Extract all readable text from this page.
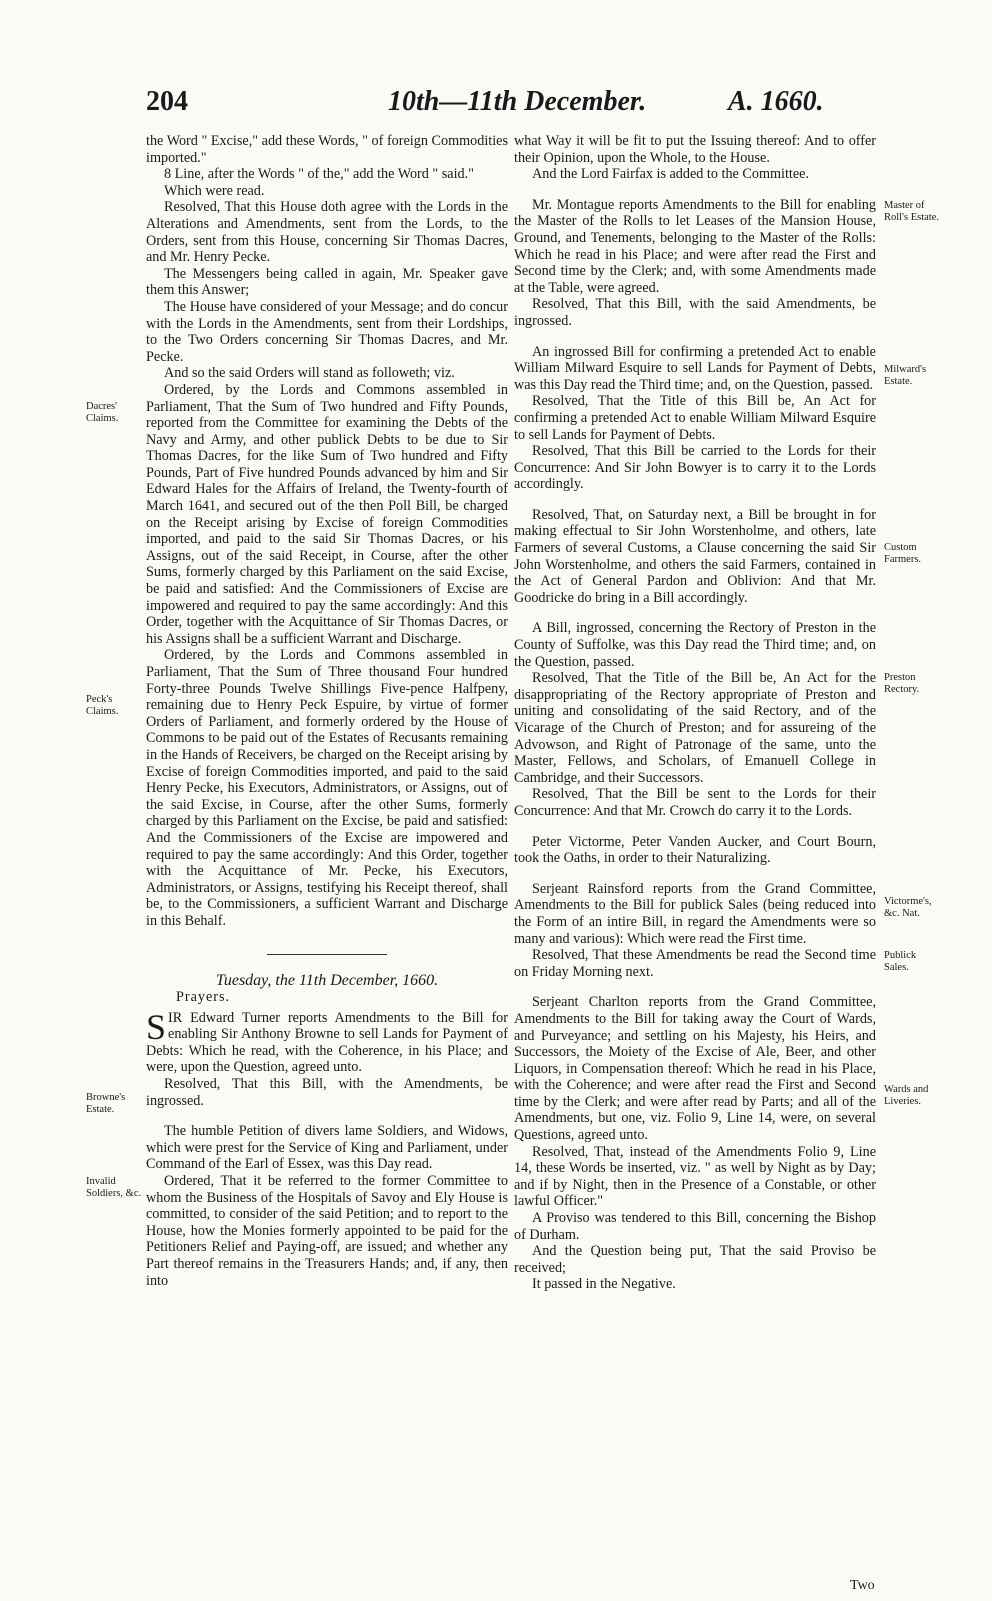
204	10th—11th December.	A. 1660.
Dacres' Claims.
Peck's Claims.
Browne's Estate.
Invalid Soldiers, &c.
Master of Roll's Estate.
Milward's Estate.
Custom Farmers.
Preston Rectory.
Victorme's, &c. Nat.
Publick Sales.
Wards and Liveries.

the Word " Excise," add these Words, " of foreign Commodities imported."

8 Line, after the Words " of the," add the Word " said."

Which were read.

Resolved, That this House doth agree with the Lords in the Alterations and Amendments, sent from the Lords, to the Orders, sent from this House, concerning Sir Thomas Dacres, and Mr. Henry Pecke.

The Messengers being called in again, Mr. Speaker gave them this Answer;

The House have considered of your Message; and do concur with the Lords in the Amendments, sent from their Lordships, to the Two Orders concerning Sir Thomas Dacres, and Mr. Pecke.

And so the said Orders will stand as followeth; viz.

Ordered, by the Lords and Commons assembled in Parliament, That the Sum of Two hundred and Fifty Pounds, reported from the Committee for examining the Debts of the Navy and Army, and other publick Debts to be due to Sir Thomas Dacres, for the like Sum of Two hundred and Fifty Pounds, Part of Five hundred Pounds advanced by him and Sir Edward Hales for the Affairs of Ireland, the Twenty-fourth of March 1641, and secured out of the then Poll Bill, be charged on the Receipt arising by Excise of foreign Commodities imported, and paid to the said Sir Thomas Dacres, or his Assigns, out of the said Receipt, in Course, after the other Sums, formerly charged by this Parliament on the said Excise, be paid and satisfied: And the Commissioners of Excise are impowered and required to pay the same accordingly: And this Order, together with the Acquittance of Sir Thomas Dacres, or his Assigns shall be a sufficient Warrant and Discharge.

Ordered, by the Lords and Commons assembled in Parliament, That the Sum of Three thousand Four hundred Forty-three Pounds Twelve Shillings Five-pence Halfpeny, remaining due to Henry Peck Espuire, by virtue of former Orders of Parliament, and formerly ordered by the House of Commons to be paid out of the Estates of Recusants remaining in the Hands of Receivers, be charged on the Receipt arising by Excise of foreign Commodities imported, and paid to the said Henry Pecke, his Executors, Administrators, or Assigns, out of the said Excise, in Course, after the other Sums, formerly charged by this Parliament on the Excise, be paid and satisfied: And the Commissioners of the Excise are impowered and required to pay the same accordingly: And this Order, together with the Acquittance of Mr. Pecke, his Executors, Administrators, or Assigns, testifying his Receipt thereof, shall be, to the Commissioners, a sufficient Warrant and Discharge in this Behalf.

Tuesday, the 11th December, 1660.

Prayers.

SIR Edward Turner reports Amendments to the Bill for enabling Sir Anthony Browne to sell Lands for Payment of Debts: Which he read, with the Coherence, in his Place; and were, upon the Question, agreed unto.

Resolved, That this Bill, with the Amendments, be ingrossed.

The humble Petition of divers lame Soldiers, and Widows, which were prest for the Service of King and Parliament, under Command of the Earl of Essex, was this Day read.

Ordered, That it be referred to the former Committee to whom the Business of the Hospitals of Savoy and Ely House is committed, to consider of the said Petition; and to report to the House, how the Monies formerly appointed to be paid for the Petitioners Relief and Paying-off, are issued; and whether any Part thereof remains in the Treasurers Hands; and, if any, then into

what Way it will be fit to put the Issuing thereof: And to offer their Opinion, upon the Whole, to the House.

And the Lord Fairfax is added to the Committee.

Mr. Montague reports Amendments to the Bill for enabling the Master of the Rolls to let Leases of the Mansion House, Ground, and Tenements, belonging to the Master of the Rolls: Which he read in his Place; and were after read the First and Second time by the Clerk; and, with some Amendments made at the Table, were agreed.

Resolved, That this Bill, with the said Amendments, be ingrossed.

An ingrossed Bill for confirming a pretended Act to enable William Milward Esquire to sell Lands for Payment of Debts, was this Day read the Third time; and, on the Question, passed.

Resolved, That the Title of this Bill be, An Act for confirming a pretended Act to enable William Milward Esquire to sell Lands for Payment of Debts.

Resolved, That this Bill be carried to the Lords for their Concurrence: And Sir John Bowyer is to carry it to the Lords accordingly.

Resolved, That, on Saturday next, a Bill be brought in for making effectual to Sir John Worstenholme, and others, late Farmers of several Customs, a Clause concerning the said Sir John Worstenholme, and others the said Farmers, contained in the Act of General Pardon and Oblivion: And that Mr. Goodricke do bring in a Bill accordingly.

A Bill, ingrossed, concerning the Rectory of Preston in the County of Suffolke, was this Day read the Third time; and, on the Question, passed.

Resolved, That the Title of the Bill be, An Act for the disappropriating of the Rectory appropriate of Preston and uniting and consolidating of the said Rectory, and of the Vicarage of the Church of Preston; and for assureing of the Advowson, and Right of Patronage of the same, unto the Master, Fellows, and Scholars, of Emanuell College in Cambridge, and their Successors.

Resolved, That the Bill be sent to the Lords for their Concurrence: And that Mr. Crowch do carry it to the Lords.

Peter Victorme, Peter Vanden Aucker, and Court Bourn, took the Oaths, in order to their Naturalizing.

Serjeant Rainsford reports from the Grand Committee, Amendments to the Bill for publick Sales (being reduced into the Form of an intire Bill, in regard the Amendments were so many and various): Which were read the First time.

Resolved, That these Amendments be read the Second time on Friday Morning next.

Serjeant Charlton reports from the Grand Committee, Amendments to the Bill for taking away the Court of Wards, and Purveyance; and settling on his Majesty, his Heirs, and Successors, the Moiety of the Excise of Ale, Beer, and other Liquors, in Compensation thereof: Which he read in his Place, with the Coherence; and were after read the First and Second time by the Clerk; and were after read by Parts; and all of the Amendments, but one, viz. Folio 9, Line 14, were, on several Questions, agreed unto.

Resolved, That, instead of the Amendments Folio 9, Line 14, these Words be inserted, viz. " as well by Night as by Day; and if by Night, then in the Presence of a Constable, or other lawful Officer."

A Proviso was tendered to this Bill, concerning the Bishop of Durham.

And the Question being put, That the said Proviso be received;

It passed in the Negative.

Two
